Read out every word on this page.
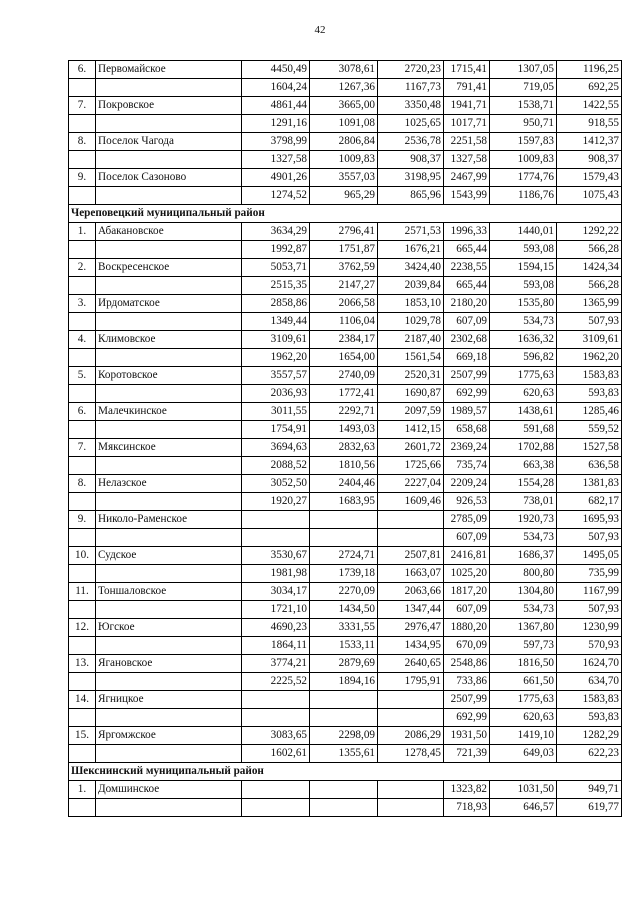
42
6.	Первомайское	4450,49	3078,61	2720,23	1715,41	1307,05	1196,25
		1604,24	1267,36	1167,73	791,41	719,05	692,25
7.	Покровское	4861,44	3665,00	3350,48	1941,71	1538,71	1422,55
		1291,16	1091,08	1025,65	1017,71	950,71	918,55
8.	Поселок Чагода	3798,99	2806,84	2536,78	2251,58	1597,83	1412,37
		1327,58	1009,83	908,37	1327,58	1009,83	908,37
9.	Поселок Сазоново	4901,26	3557,03	3198,95	2467,99	1774,76	1579,43
		1274,52	965,29	865,96	1543,99	1186,76	1075,43
Череповецкий муниципальный район							
1.	Абакановское	3634,29	2796,41	2571,53	1996,33	1440,01	1292,22
		1992,87	1751,87	1676,21	665,44	593,08	566,28
2.	Воскресенское	5053,71	3762,59	3424,40	2238,55	1594,15	1424,34
		2515,35	2147,27	2039,84	665,44	593,08	566,28
3.	Ирдоматское	2858,86	2066,58	1853,10	2180,20	1535,80	1365,99
		1349,44	1106,04	1029,78	607,09	534,73	507,93
4.	Климовское	3109,61	2384,17	2187,40	2302,68	1636,32	3109,61
		1962,20	1654,00	1561,54	669,18	596,82	1962,20
5.	Коротовское	3557,57	2740,09	2520,31	2507,99	1775,63	1583,83
		2036,93	1772,41	1690,87	692,99	620,63	593,83
6.	Малечкинское	3011,55	2292,71	2097,59	1989,57	1438,61	1285,46
		1754,91	1493,03	1412,15	658,68	591,68	559,52
7.	Мяксинское	3694,63	2832,63	2601,72	2369,24	1702,88	1527,58
		2088,52	1810,56	1725,66	735,74	663,38	636,58
8.	Нелазское	3052,50	2404,46	2227,04	2209,24	1554,28	1381,83
		1920,27	1683,95	1609,46	926,53	738,01	682,17
9.	Николо-Раменское				2785,09	1920,73	1695,93
					607,09	534,73	507,93
10.	Судское	3530,67	2724,71	2507,81	2416,81	1686,37	1495,05
		1981,98	1739,18	1663,07	1025,20	800,80	735,99
11.	Тоншаловское	3034,17	2270,09	2063,66	1817,20	1304,80	1167,99
		1721,10	1434,50	1347,44	607,09	534,73	507,93
12.	Югское	4690,23	3331,55	2976,47	1880,20	1367,80	1230,99
		1864,11	1533,11	1434,95	670,09	597,73	570,93
13.	Ягановское	3774,21	2879,69	2640,65	2548,86	1816,50	1624,70
		2225,52	1894,16	1795,91	733,86	661,50	634,70
14.	Ягницкое				2507,99	1775,63	1583,83
					692,99	620,63	593,83
15.	Яргомжское	3083,65	2298,09	2086,29	1931,50	1419,10	1282,29
		1602,61	1355,61	1278,45	721,39	649,03	622,23
Шекснинский муниципальный район							
1.	Домшинское				1323,82	1031,50	949,71
					718,93	646,57	619,77
